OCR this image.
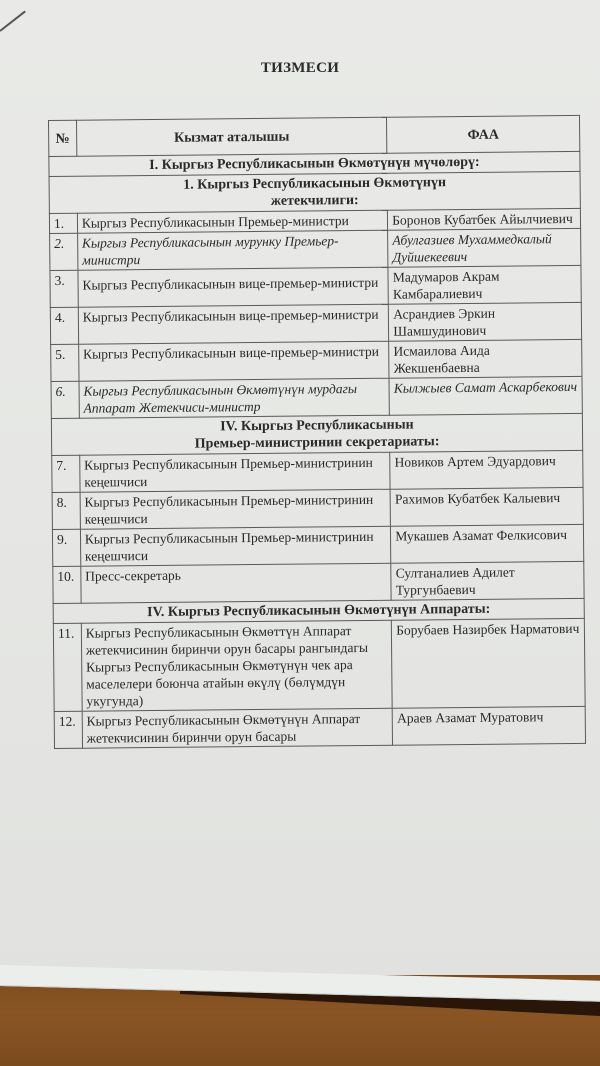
ТИЗМЕСИ
№	Кызмат аталышы	ФАА
I. Кыргыз Республикасынын Өкмөтүнүн мүчөлөрү:		

1. Кыргыз Республикасынын Өкмөтүнүн
жетекчилиги:		

1.	Кыргыз Республикасынын Премьер-министри	Боронов Кубатбек Айылчиевич
2.	Кыргыз Республикасынын мурунку Премьер-министри	Абулгазиев Мухаммедкалый Дуйшекеевич
3.	Кыргыз Республикасынын вице-премьер-министри	Мадумаров Акрам Камбаралиевич
4.	Кыргыз Республикасынын вице-премьер-министри	Асрандиев Эркин Шамшудинович
5.	Кыргыз Республикасынын вице-премьер-министри	Исмаилова Аида Жекшенбаевна
6.	Кыргыз Республикасынын Өкмөтүнүн мурдагы Аппарат Жетекчиси-министр	Кылжыев Самат Аскарбекович

IV. Кыргыз Республикасынын
Премьер-министринин секретариаты:		

7.	Кыргыз Республикасынын Премьер-министринин кеңешчиси	Новиков Артем Эдуардович
8.	Кыргыз Республикасынын Премьер-министринин кеңешчиси	Рахимов Кубатбек Калыевич
9.	Кыргыз Республикасынын Премьер-министринин кеңешчиси	Мукашев Азамат Фелкисович
10.	Пресс-секретарь	Султаналиев Адилет Тургунбаевич
IV. Кыргыз Республикасынын Өкмөтүнүн Аппараты:		
11.	Кыргыз Республикасынын Өкмөттүн Аппарат жетекчисинин биринчи орун басары рангындагы Кыргыз Республикасынын Өкмөтүнүн чек ара маселелери боюнча атайын өкүлү (бөлүмдүн укугунда)	Борубаев Назирбек Нарматович
12.	Кыргыз Республикасынын Өкмөтүнүн Аппарат жетекчисинин биринчи орун басары	Араев Азамат Муратович
